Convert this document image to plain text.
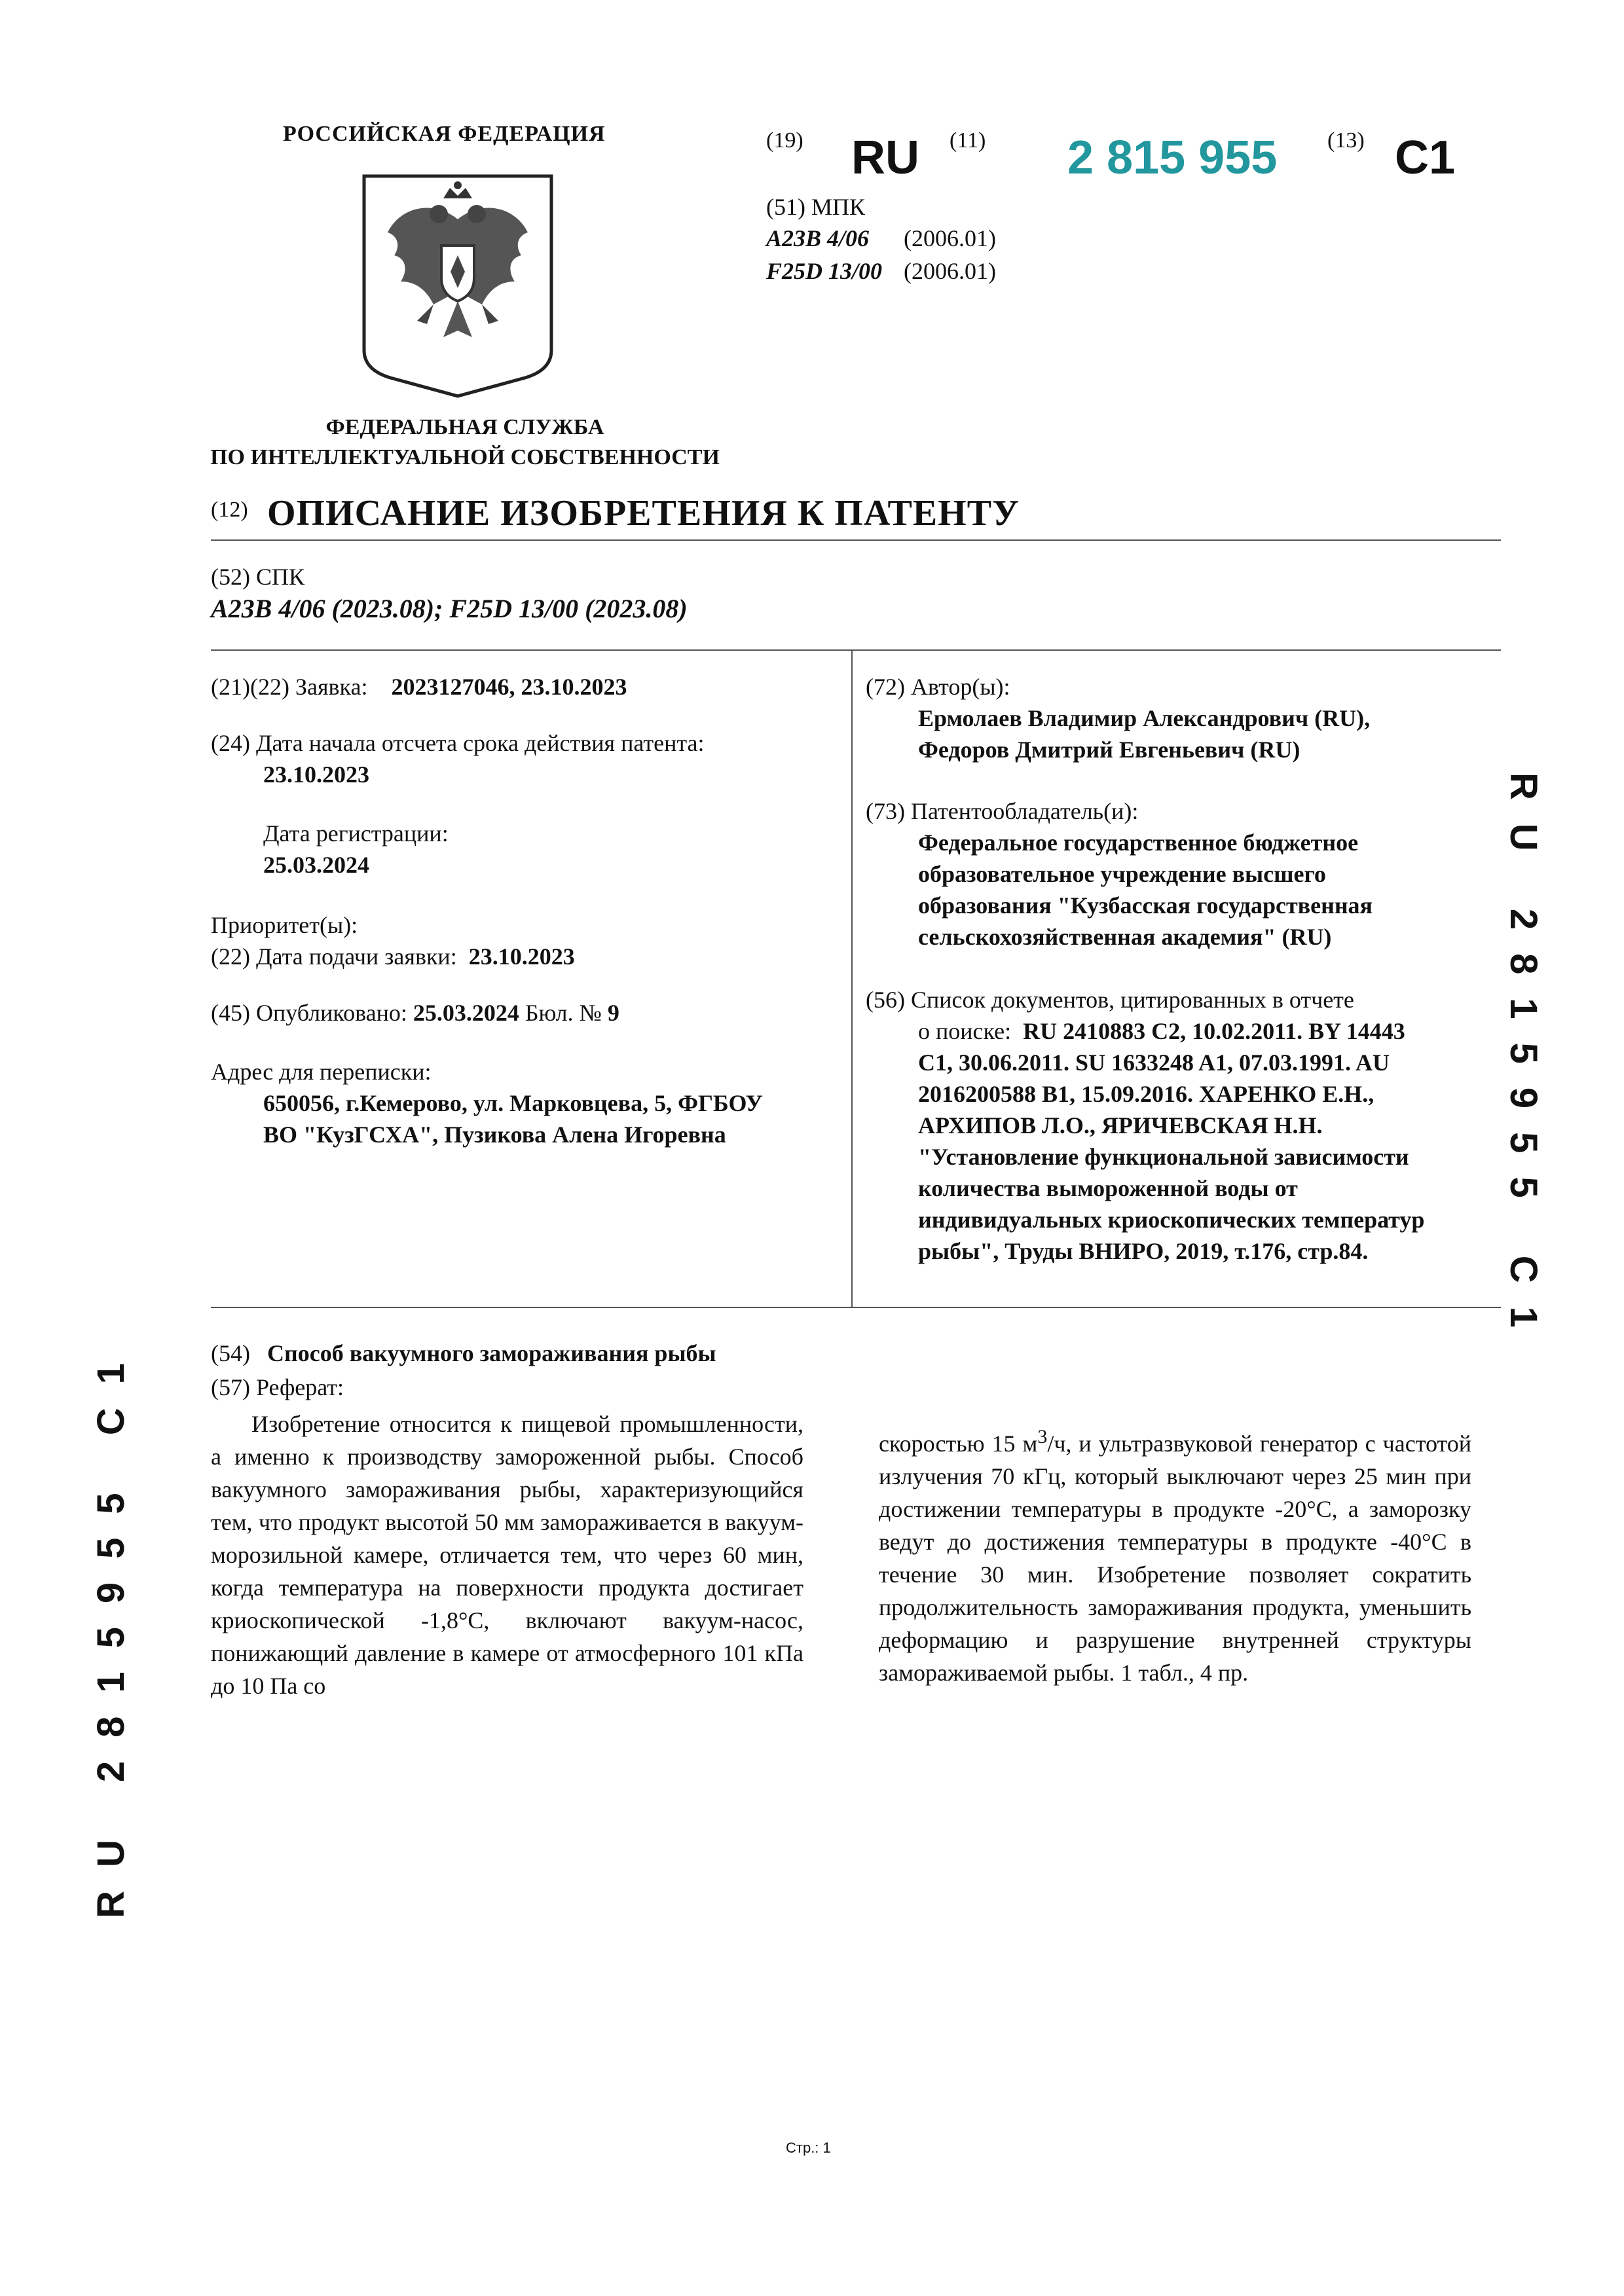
РОССИЙСКАЯ ФЕДЕРАЦИЯ
ФЕДЕРАЛЬНАЯ СЛУЖБА
ПО ИНТЕЛЛЕКТУАЛЬНОЙ СОБСТВЕННОСТИ
(19) RU (11) 2 815 955 (13) C1
(51) МПК
A23B 4/06 (2006.01)
F25D 13/00 (2006.01)
(12) ОПИСАНИЕ ИЗОБРЕТЕНИЯ К ПАТЕНТУ
(52) СПК
A23B 4/06 (2023.08); F25D 13/00 (2023.08)
(21)(22) Заявка: 2023127046, 23.10.2023
(24) Дата начала отсчета срока действия патента:
23.10.2023
Дата регистрации:
25.03.2024
Приоритет(ы):
(22) Дата подачи заявки: 23.10.2023
(45) Опубликовано: 25.03.2024 Бюл. № 9
Адрес для переписки:
650056, г.Кемерово, ул. Марковцева, 5, ФГБОУ
ВО "КузГСХА", Пузикова Алена Игоревна
(72) Автор(ы):
Ермолаев Владимир Александрович (RU),
Федоров Дмитрий Евгеньевич (RU)
(73) Патентообладатель(и):
Федеральное государственное бюджетное
образовательное учреждение высшего
образования "Кузбасская государственная
сельскохозяйственная академия" (RU)
(56) Список документов, цитированных в отчете
о поиске: RU 2410883 C2, 10.02.2011. BY 14443
C1, 30.06.2011. SU 1633248 A1, 07.03.1991. AU
2016200588 B1, 15.09.2016. ХАРЕНКО Е.Н.,
АРХИПОВ Л.О., ЯРИЧЕВСКАЯ Н.Н.
"Установление функциональной зависимости
количества вымороженной воды от
индивидуальных криоскопических температур
рыбы", Труды ВНИРО, 2019, т.176, стр.84.	RU 2815955 C1
RU 2815955 C1	(54) Способ вакуумного замораживания рыбы
(57) Реферат:
Изобретение относится к пищевой промышленности, а именно к производству замороженной рыбы. Способ вакуумного замораживания рыбы, характеризующийся тем, что продукт высотой 50 мм замораживается в вакуум-морозильной камере, отличается тем, что через 60 мин, когда температура на поверхности продукта достигает криоскопической -1,8°С, включают вакуум-насос, понижающий давление в камере от атмосферного 101 кПа до 10 Па со
скоростью 15 $м^3/ч$, и ультразвуковой генератор с частотой излучения 70 кГц, который выключают через 25 мин при достижении температуры в продукте -20°С, а заморозку ведут до достижения температуры в продукте -40°С в течение 30 мин. Изобретение позволяет сократить продолжительность замораживания продукта, уменьшить деформацию и разрушение внутренней структуры замораживаемой рыбы. 1 табл., 4 пр.
Стр.: 1
